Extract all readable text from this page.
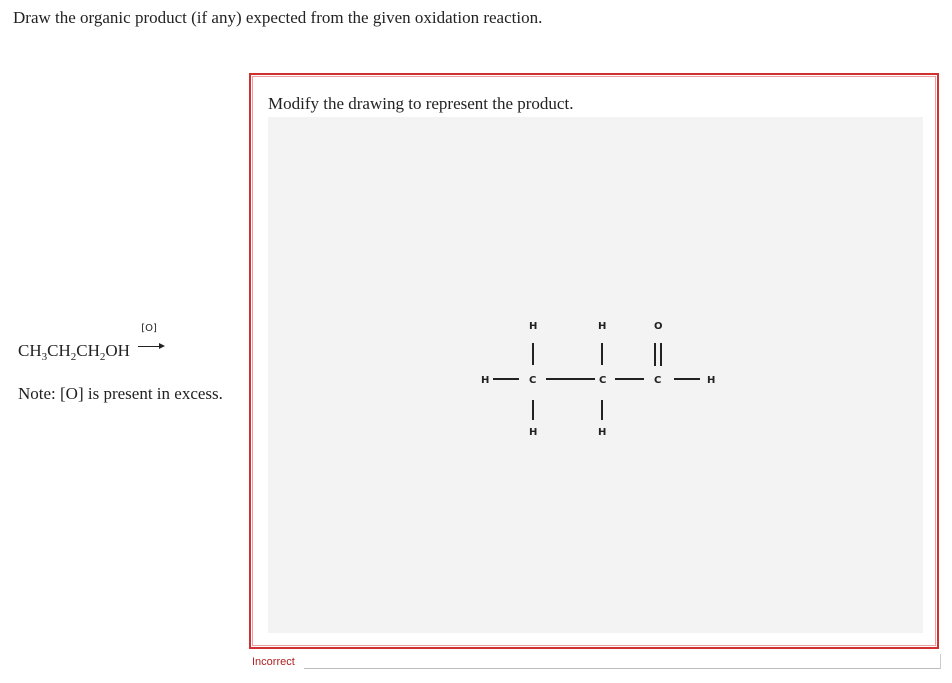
Draw the organic product (if any) expected from the given oxidation reaction.
$CH_3CH_2CH_2OH$
[O]
Note: [O] is present in excess.
Modify the drawing to represent the product.
H	C
H
H
C
H
H
C
O
H
Incorrect
